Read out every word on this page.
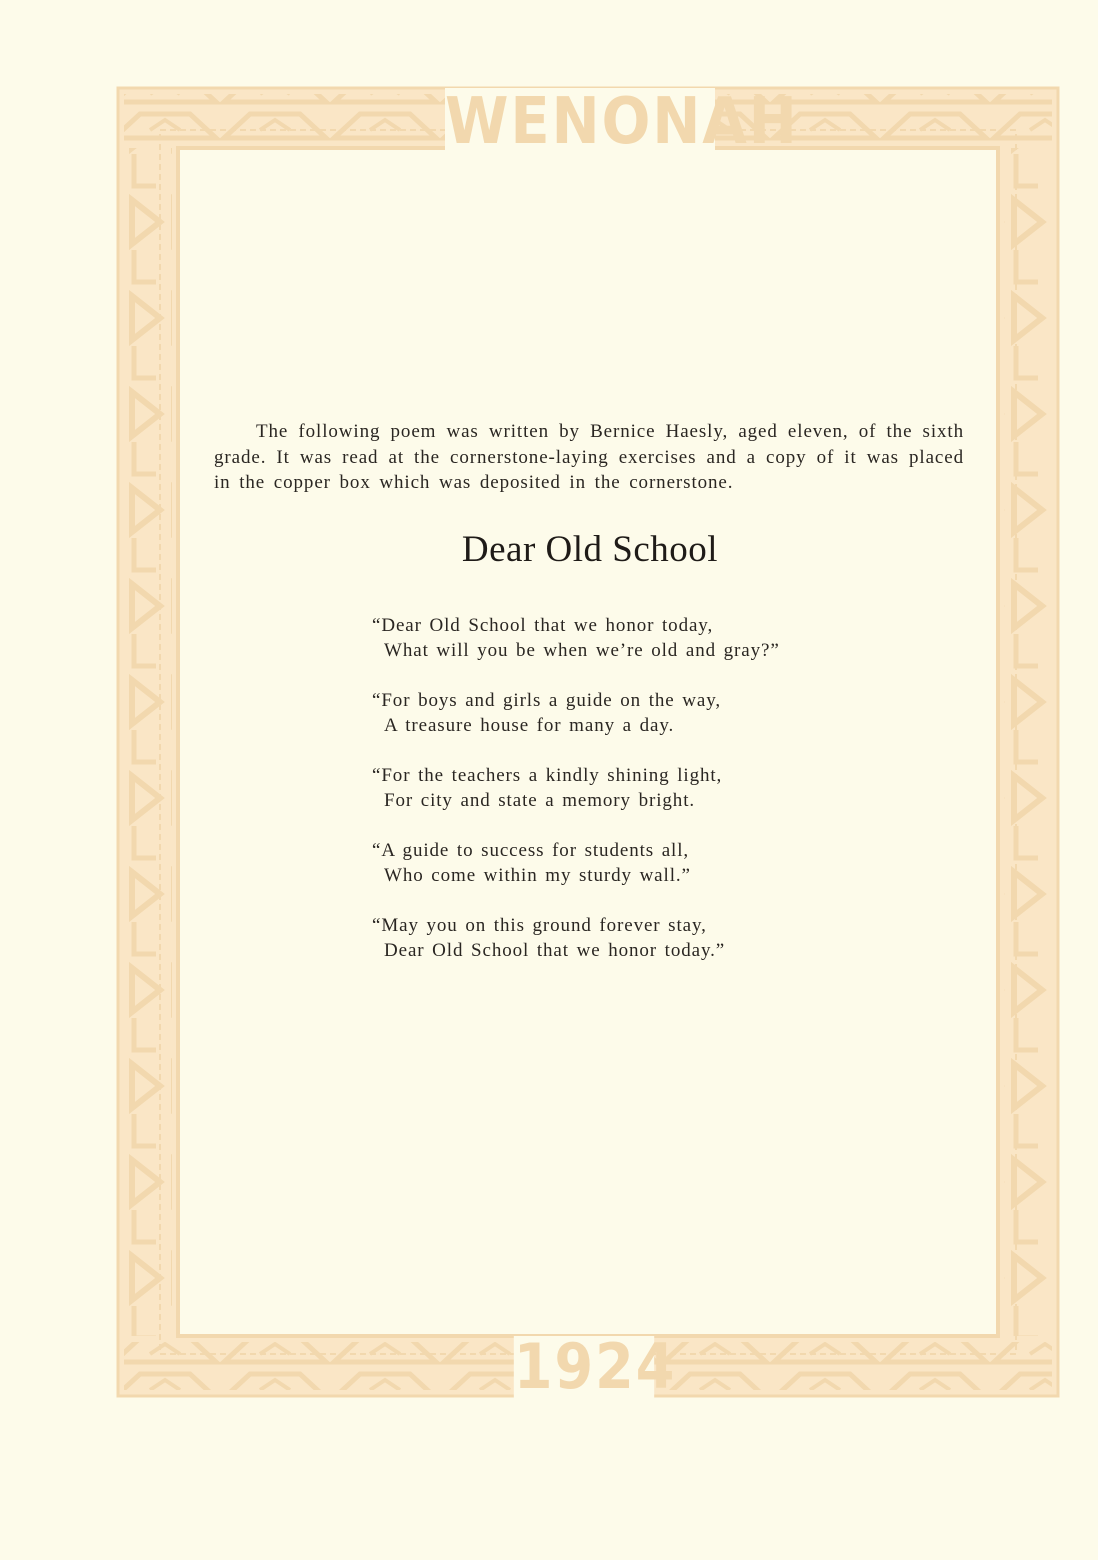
WENONAH
1924

The following poem was written by Bernice Haesly, aged eleven, of the sixth grade. It was read at the cornerstone-laying exercises and a copy of it was placed in the copper box which was deposited in the cornerstone.

Dear Old School
“Dear Old School that we honor today,
What will you be when we’re old and gray?”
“For boys and girls a guide on the way,
A treasure house for many a day.
“For the teachers a kindly shining light,
For city and state a memory bright.
“A guide to success for students all,
Who come within my sturdy wall.”
“May you on this ground forever stay,
Dear Old School that we honor today.”
